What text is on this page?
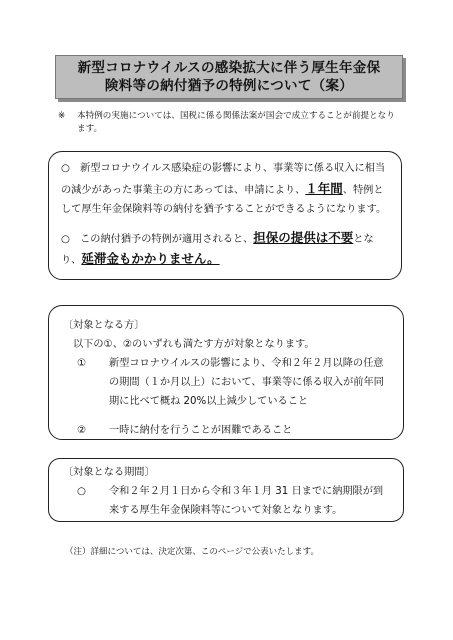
新型コロナウイルスの感染拡大に伴う厚生年金保
険料等の納付猶予の特例について（案）
※	本特例の実施については、国税に係る関係法案が国会で成立することが前提となります。

○　新型コロナウイルス感染症の影響により、事業等に係る収入に相当の減少があった事業主の方にあっては、申請により、１年間、特例として厚生年金保険料等の納付を猶予することができるようになります。

○　この納付猶予の特例が適用されると、担保の提供は不要となり、延滞金もかかりません。

〔対象となる方〕
以下の①、②のいずれも満たす方が対象となります。
① 新型コロナウイルスの影響により、令和２年２月以降の任意の期間（１か月以上）において、事業等に係る収入が前年同期に比べて概ね 20%以上減少していること
② 一時に納付を行うことが困難であること
〔対象となる期間〕
○ 令和２年２月１日から令和３年１月 31 日までに納期限が到来する厚生年金保険料等について対象となります。
（注）詳細については、決定次第、このページで公表いたします。
